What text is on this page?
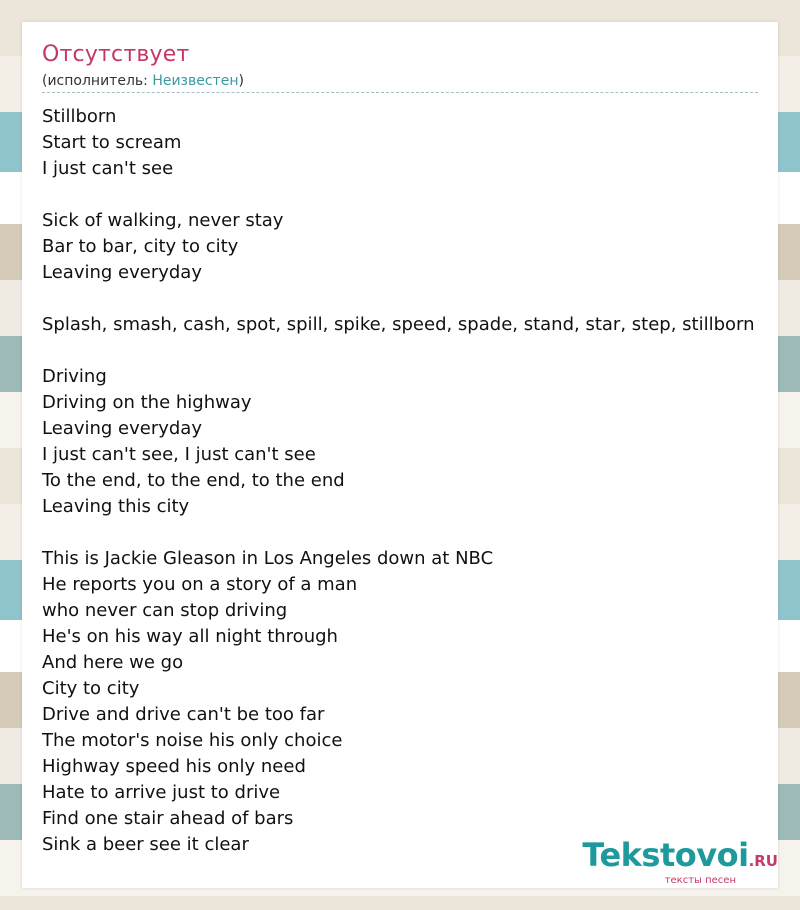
Отсутствует
(исполнитель: Неизвестен)
Stillborn
Start to scream
I just can't see
Sick of walking, never stay
Bar to bar, city to city
Leaving everyday
Splash, smash, cash, spot, spill, spike, speed, spade, stand, star, step, stillborn
Driving
Driving on the highway
Leaving everyday
I just can't see, I just can't see
To the end, to the end, to the end
Leaving this city
This is Jackie Gleason in Los Angeles down at NBC
He reports you on a story of a man
who never can stop driving
He's on his way all night through
And here we go
City to city
Drive and drive can't be too far
The motor's noise his only choice
Highway speed his only need
Hate to arrive just to drive
Find one stair ahead of bars
Sink a beer see it clear	Tekstovoi.RU
тексты песен
